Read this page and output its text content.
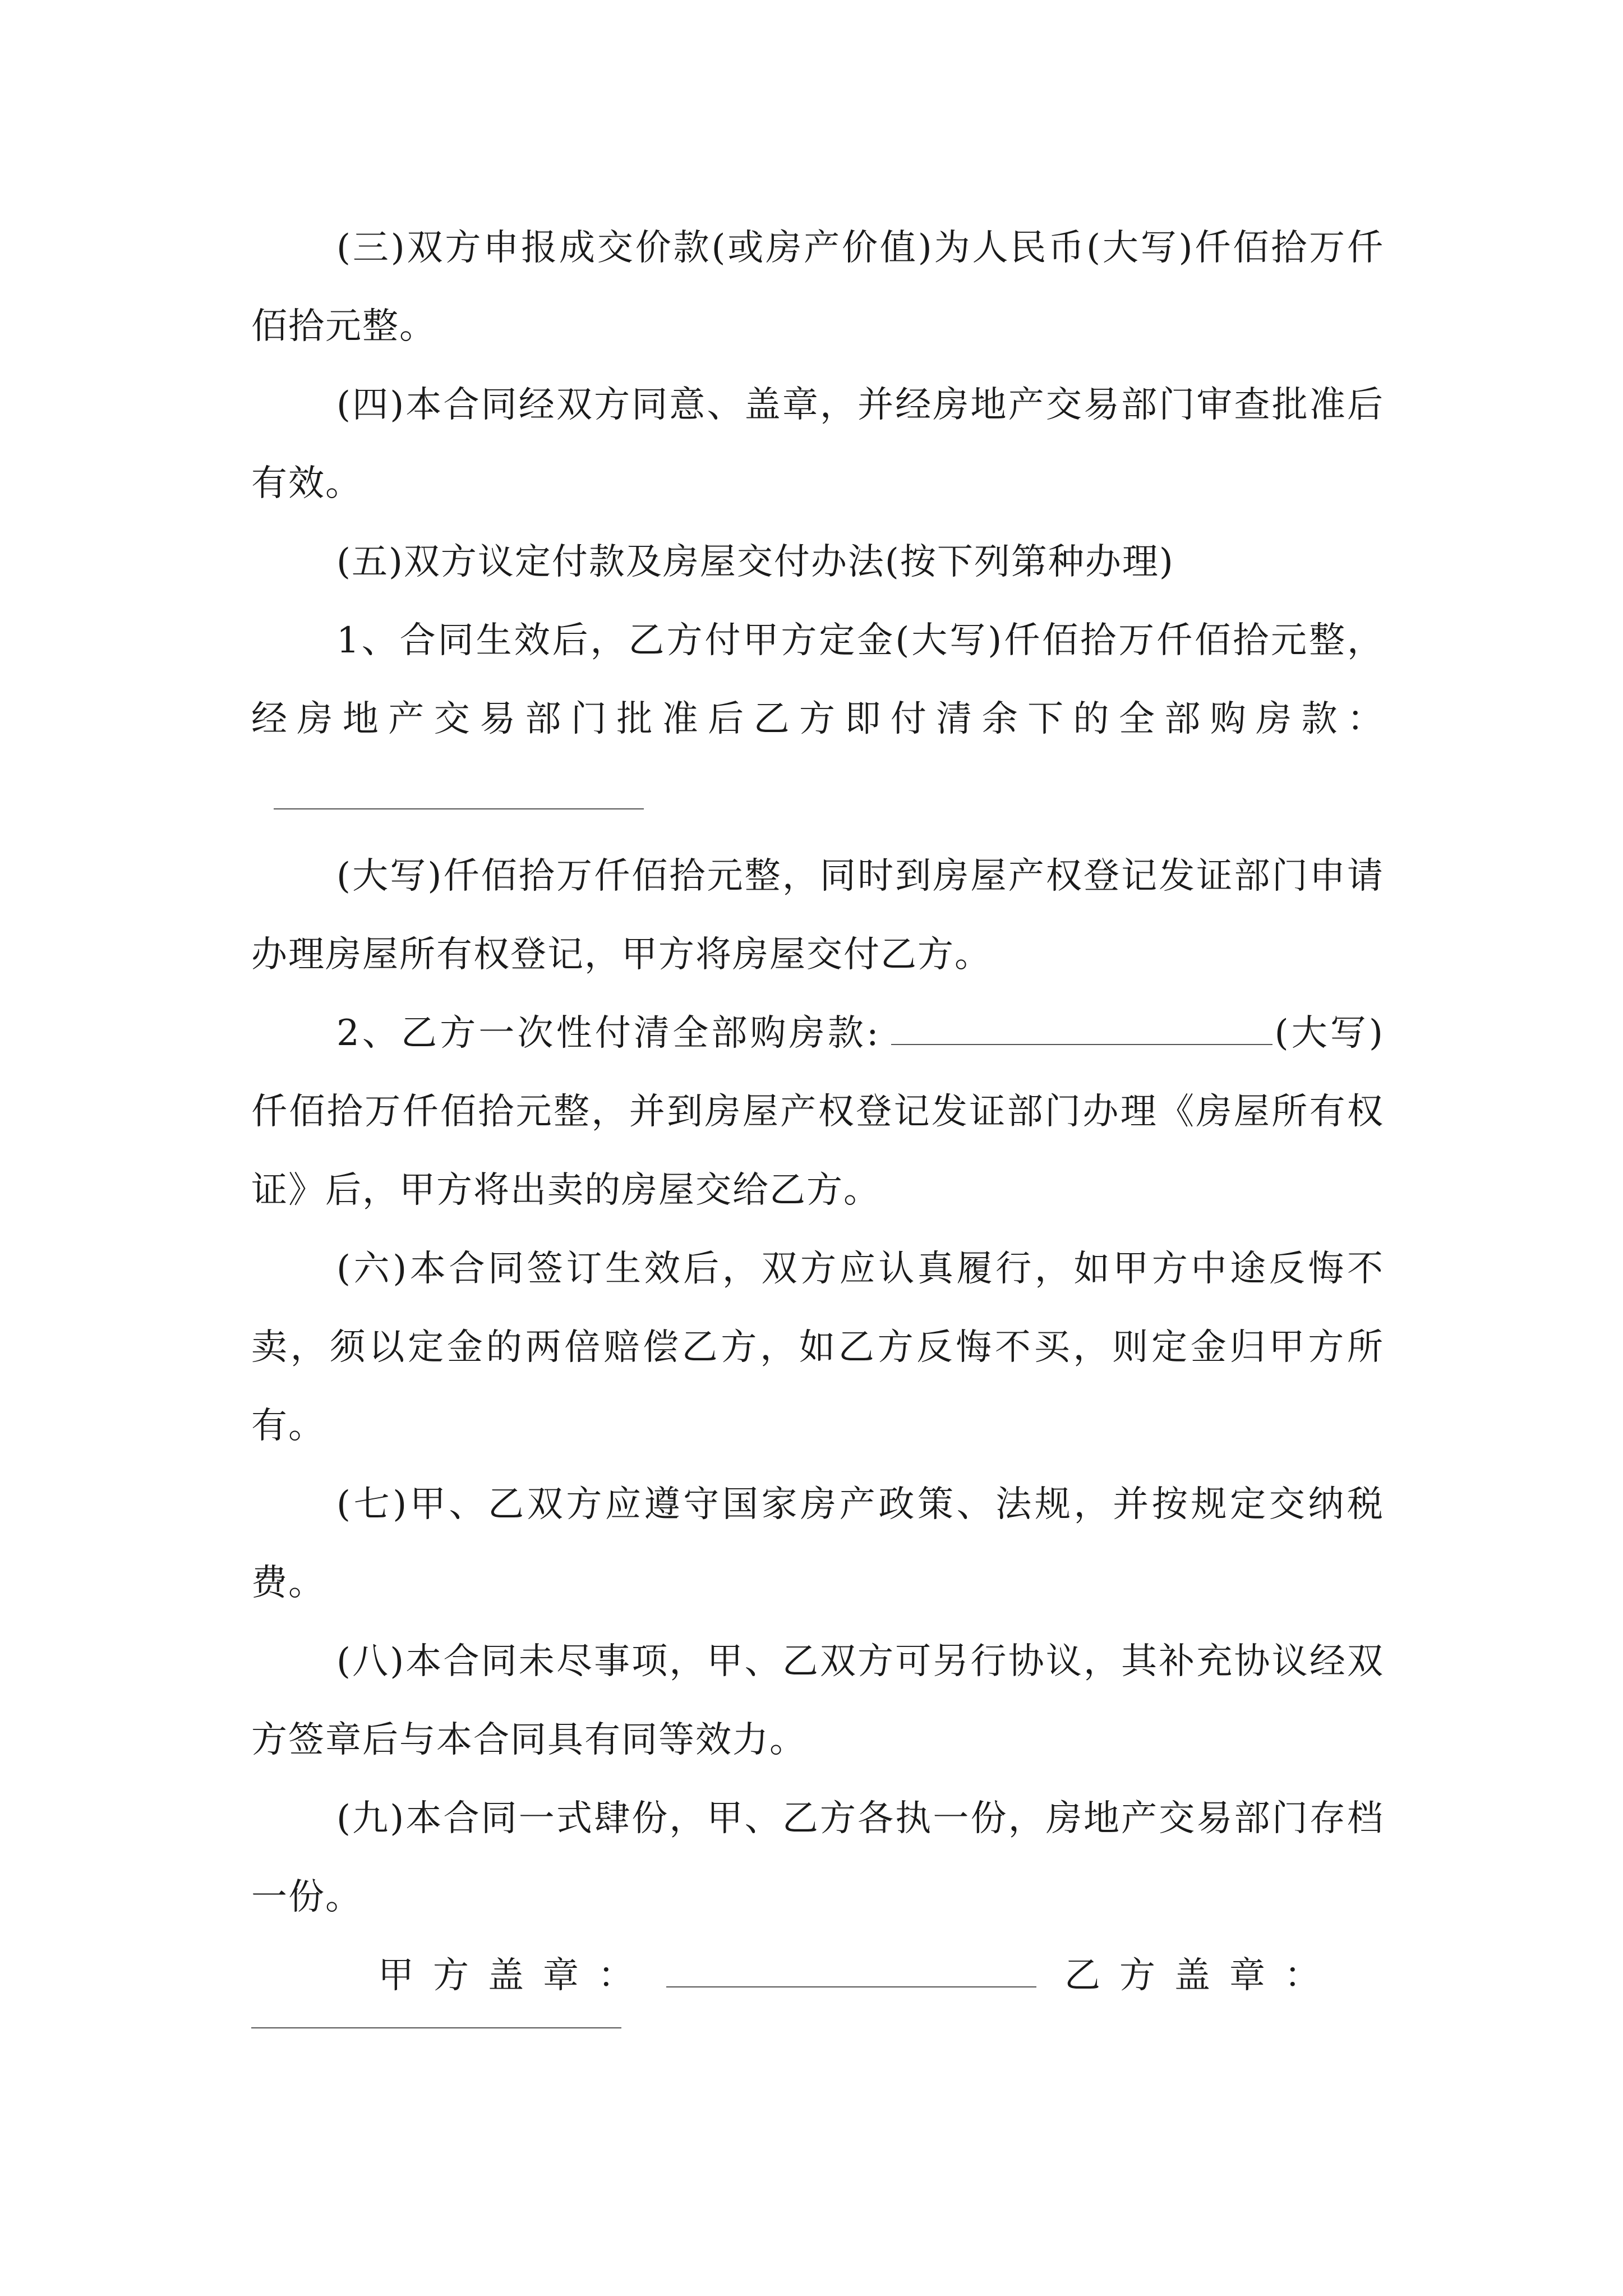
(三)双方申报成交价款(或房产价值)为人民币(大写)仟佰拾万仟佰拾元整。

(四)本合同经双方同意、盖章，并经房地产交易部门审查批准后有效。

(五)双方议定付款及房屋交付办法(按下列第种办理)

1、合同生效后，乙方付甲方定金(大写)仟佰拾万仟佰拾元整，经房地产交易部门批准后乙方即付清余下的全部购房款：

(大写)仟佰拾万仟佰拾元整，同时到房屋产权登记发证部门申请办理房屋所有权登记，甲方将房屋交付乙方。

2、乙方一次性付清全部购房款:	(大写)仟佰拾万仟佰拾元整，并到房屋产权登记发证部门办理《房屋所有权证》后，甲方将出卖的房屋交给乙方。

(六)本合同签订生效后，双方应认真履行，如甲方中途反悔不卖，须以定金的两倍赔偿乙方，如乙方反悔不买，则定金归甲方所有。

(七)甲、乙双方应遵守国家房产政策、法规，并按规定交纳税费。

(八)本合同未尽事项，甲、乙双方可另行协议，其补充协议经双方签章后与本合同具有同等效力。

(九)本合同一式肆份，甲、乙方各执一份，房地产交易部门存档一份。

甲方盖章：	乙方盖章：
